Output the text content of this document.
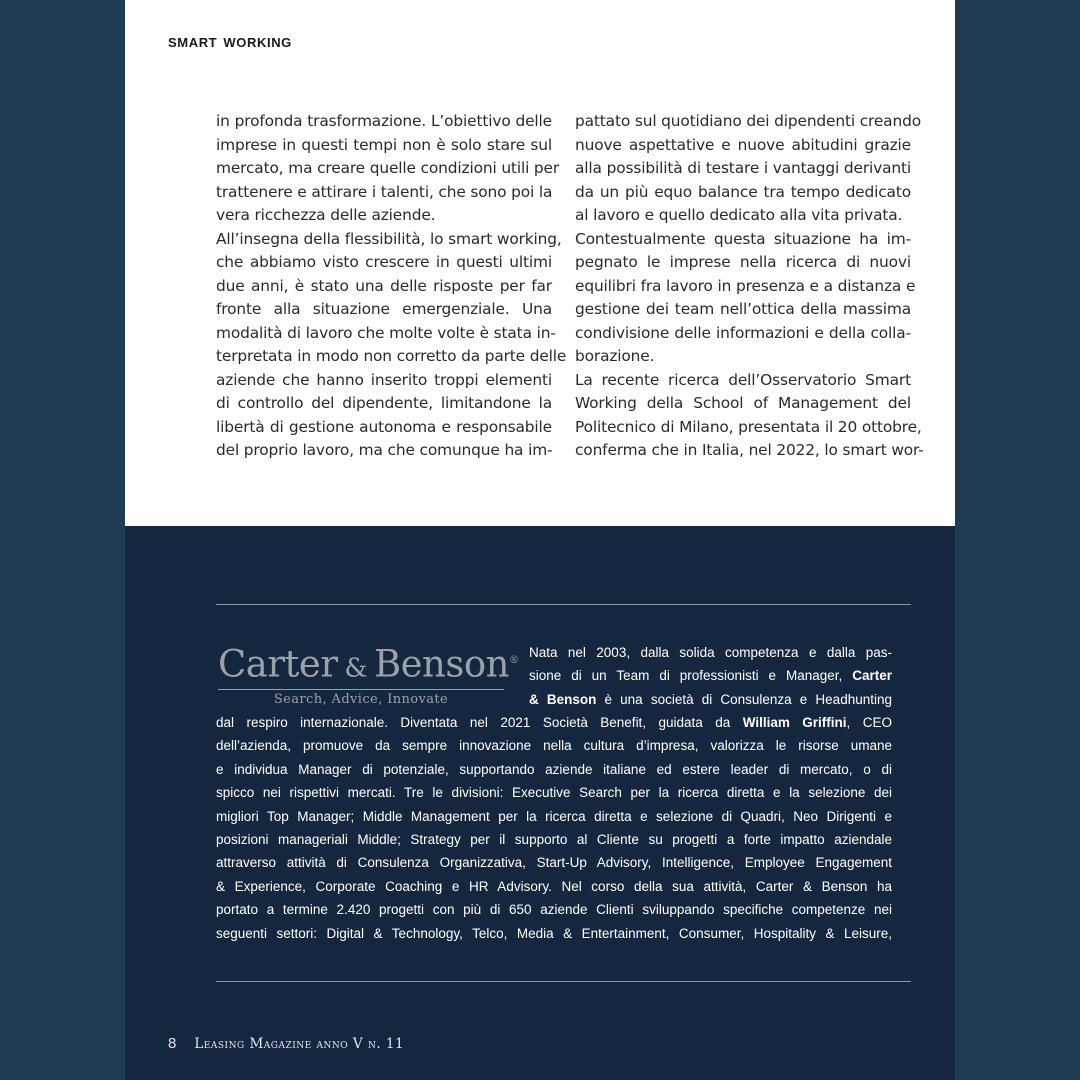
SMART WORKING
in profonda trasformazione. L’obiettivo delle
imprese in questi tempi non è solo stare sul
mercato, ma creare quelle condizioni utili per
trattenere e attirare i talenti, che sono poi la
vera ricchezza delle aziende.
All’insegna della flessibilità, lo smart working,
che abbiamo visto crescere in questi ultimi
due anni, è stato una delle risposte per far
fronte alla situazione emergenziale. Una
modalità di lavoro che molte volte è stata in-
terpretata in modo non corretto da parte delle
aziende che hanno inserito troppi elementi
di controllo del dipendente, limitandone la
libertà di gestione autonoma e responsabile
del proprio lavoro, ma che comunque ha im-
pattato sul quotidiano dei dipendenti creando
nuove aspettative e nuove abitudini grazie
alla possibilità di testare i vantaggi derivanti
da un più equo balance tra tempo dedicato
al lavoro e quello dedicato alla vita privata.
Contestualmente questa situazione ha im-
pegnato le imprese nella ricerca di nuovi
equilibri fra lavoro in presenza e a distanza e
gestione dei team nell’ottica della massima
condivisione delle informazioni e della colla-
borazione.
La recente ricerca dell’Osservatorio Smart
Working della School of Management del
Politecnico di Milano, presentata il 20 ottobre,
conferma che in Italia, nel 2022, lo smart wor-
Carter  &  Benson®
Search, Advice, Innovate
Nata nel 2003, dalla solida competenza e dalla pas-
sione di un Team di professionisti e Manager, Carter
& Benson è una società di Consulenza e Headhunting
dal respiro internazionale. Diventata nel 2021 Società Benefit, guidata da William Griffini, CEO
dell’azienda, promuove da sempre innovazione nella cultura d’impresa, valorizza le risorse umane
e individua Manager di potenziale, supportando aziende italiane ed estere leader di mercato, o di
spicco nei rispettivi mercati. Tre le divisioni: Executive Search per la ricerca diretta e la selezione dei
migliori Top Manager; Middle Management per la ricerca diretta e selezione di Quadri, Neo Dirigenti e
posizioni manageriali Middle; Strategy per il supporto al Cliente su progetti a forte impatto aziendale
attraverso attività di Consulenza Organizzativa, Start-Up Advisory, Intelligence, Employee Engagement
& Experience, Corporate Coaching e HR Advisory. Nel corso della sua attività, Carter & Benson ha
portato a termine 2.420 progetti con più di 650 aziende Clienti sviluppando specifiche competenze nei
seguenti settori: Digital & Technology, Telco, Media & Entertainment, Consumer, Hospitality & Leisure,
8 Leasing Magazine anno V n. 11
